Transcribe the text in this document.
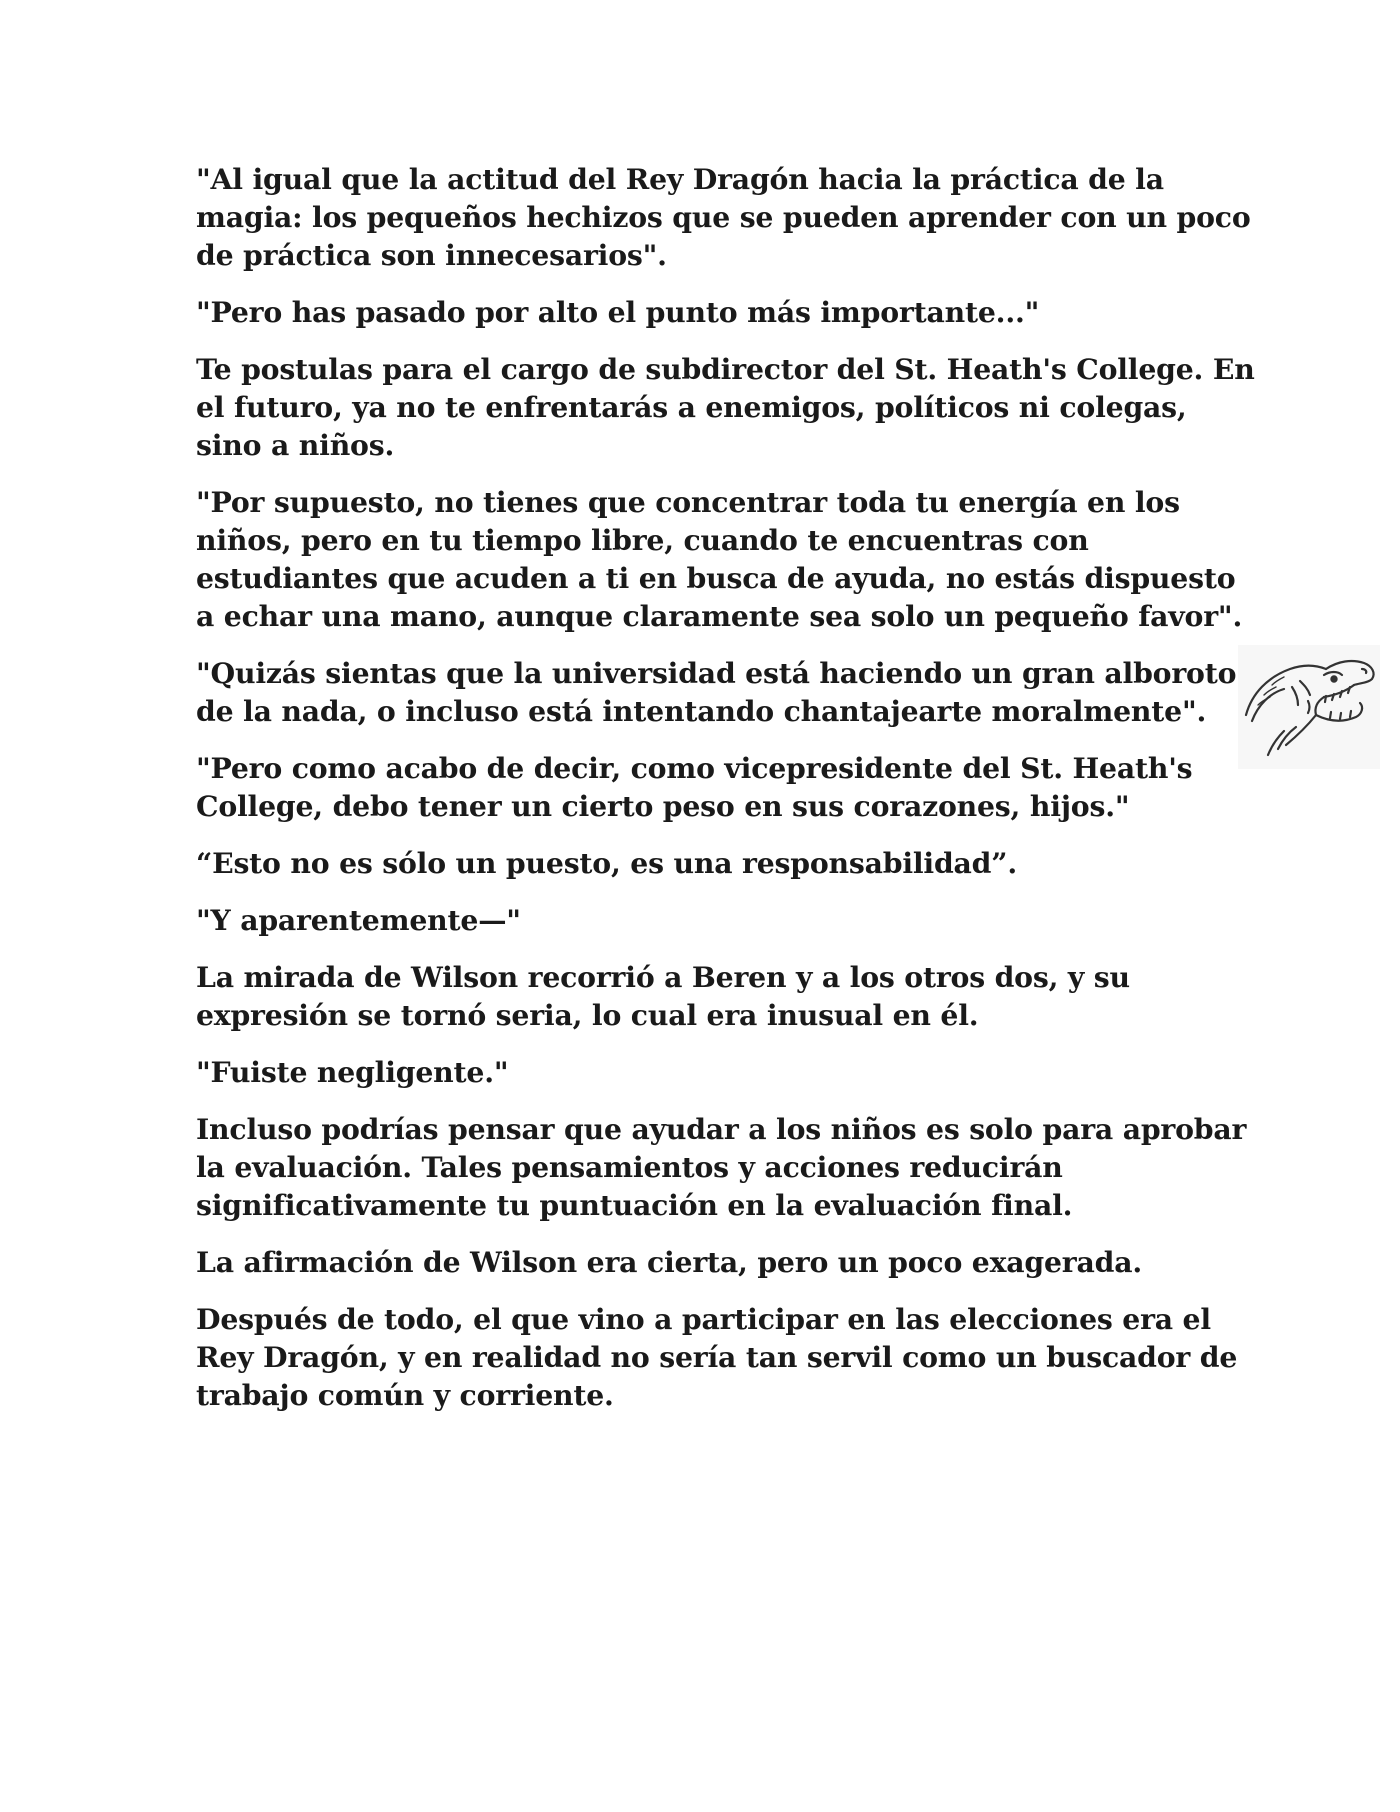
"Al igual que la actitud del Rey Dragón hacia la práctica de la magia: los pequeños hechizos que se pueden aprender con un poco de práctica son innecesarios".

"Pero has pasado por alto el punto más importante..."

Te postulas para el cargo de subdirector del St. Heath's College. En el futuro, ya no te enfrentarás a enemigos, políticos ni colegas, sino a niños.

"Por supuesto, no tienes que concentrar toda tu energía en los niños, pero en tu tiempo libre, cuando te encuentras con estudiantes que acuden a ti en busca de ayuda, no estás dispuesto a echar una mano, aunque claramente sea solo un pequeño favor".

"Quizás sientas que la universidad está haciendo un gran alboroto de la nada, o incluso está intentando chantajearte moralmente".

"Pero como acabo de decir, como vicepresidente del St. Heath's College, debo tener un cierto peso en sus corazones, hijos."

“Esto no es sólo un puesto, es una responsabilidad”.

"Y aparentemente—"

La mirada de Wilson recorrió a Beren y a los otros dos, y su expresión se tornó seria, lo cual era inusual en él.

"Fuiste negligente."

Incluso podrías pensar que ayudar a los niños es solo para aprobar la evaluación. Tales pensamientos y acciones reducirán significativamente tu puntuación en la evaluación final.

La afirmación de Wilson era cierta, pero un poco exagerada.

Después de todo, el que vino a participar en las elecciones era el Rey Dragón, y en realidad no sería tan servil como un buscador de trabajo común y corriente.
